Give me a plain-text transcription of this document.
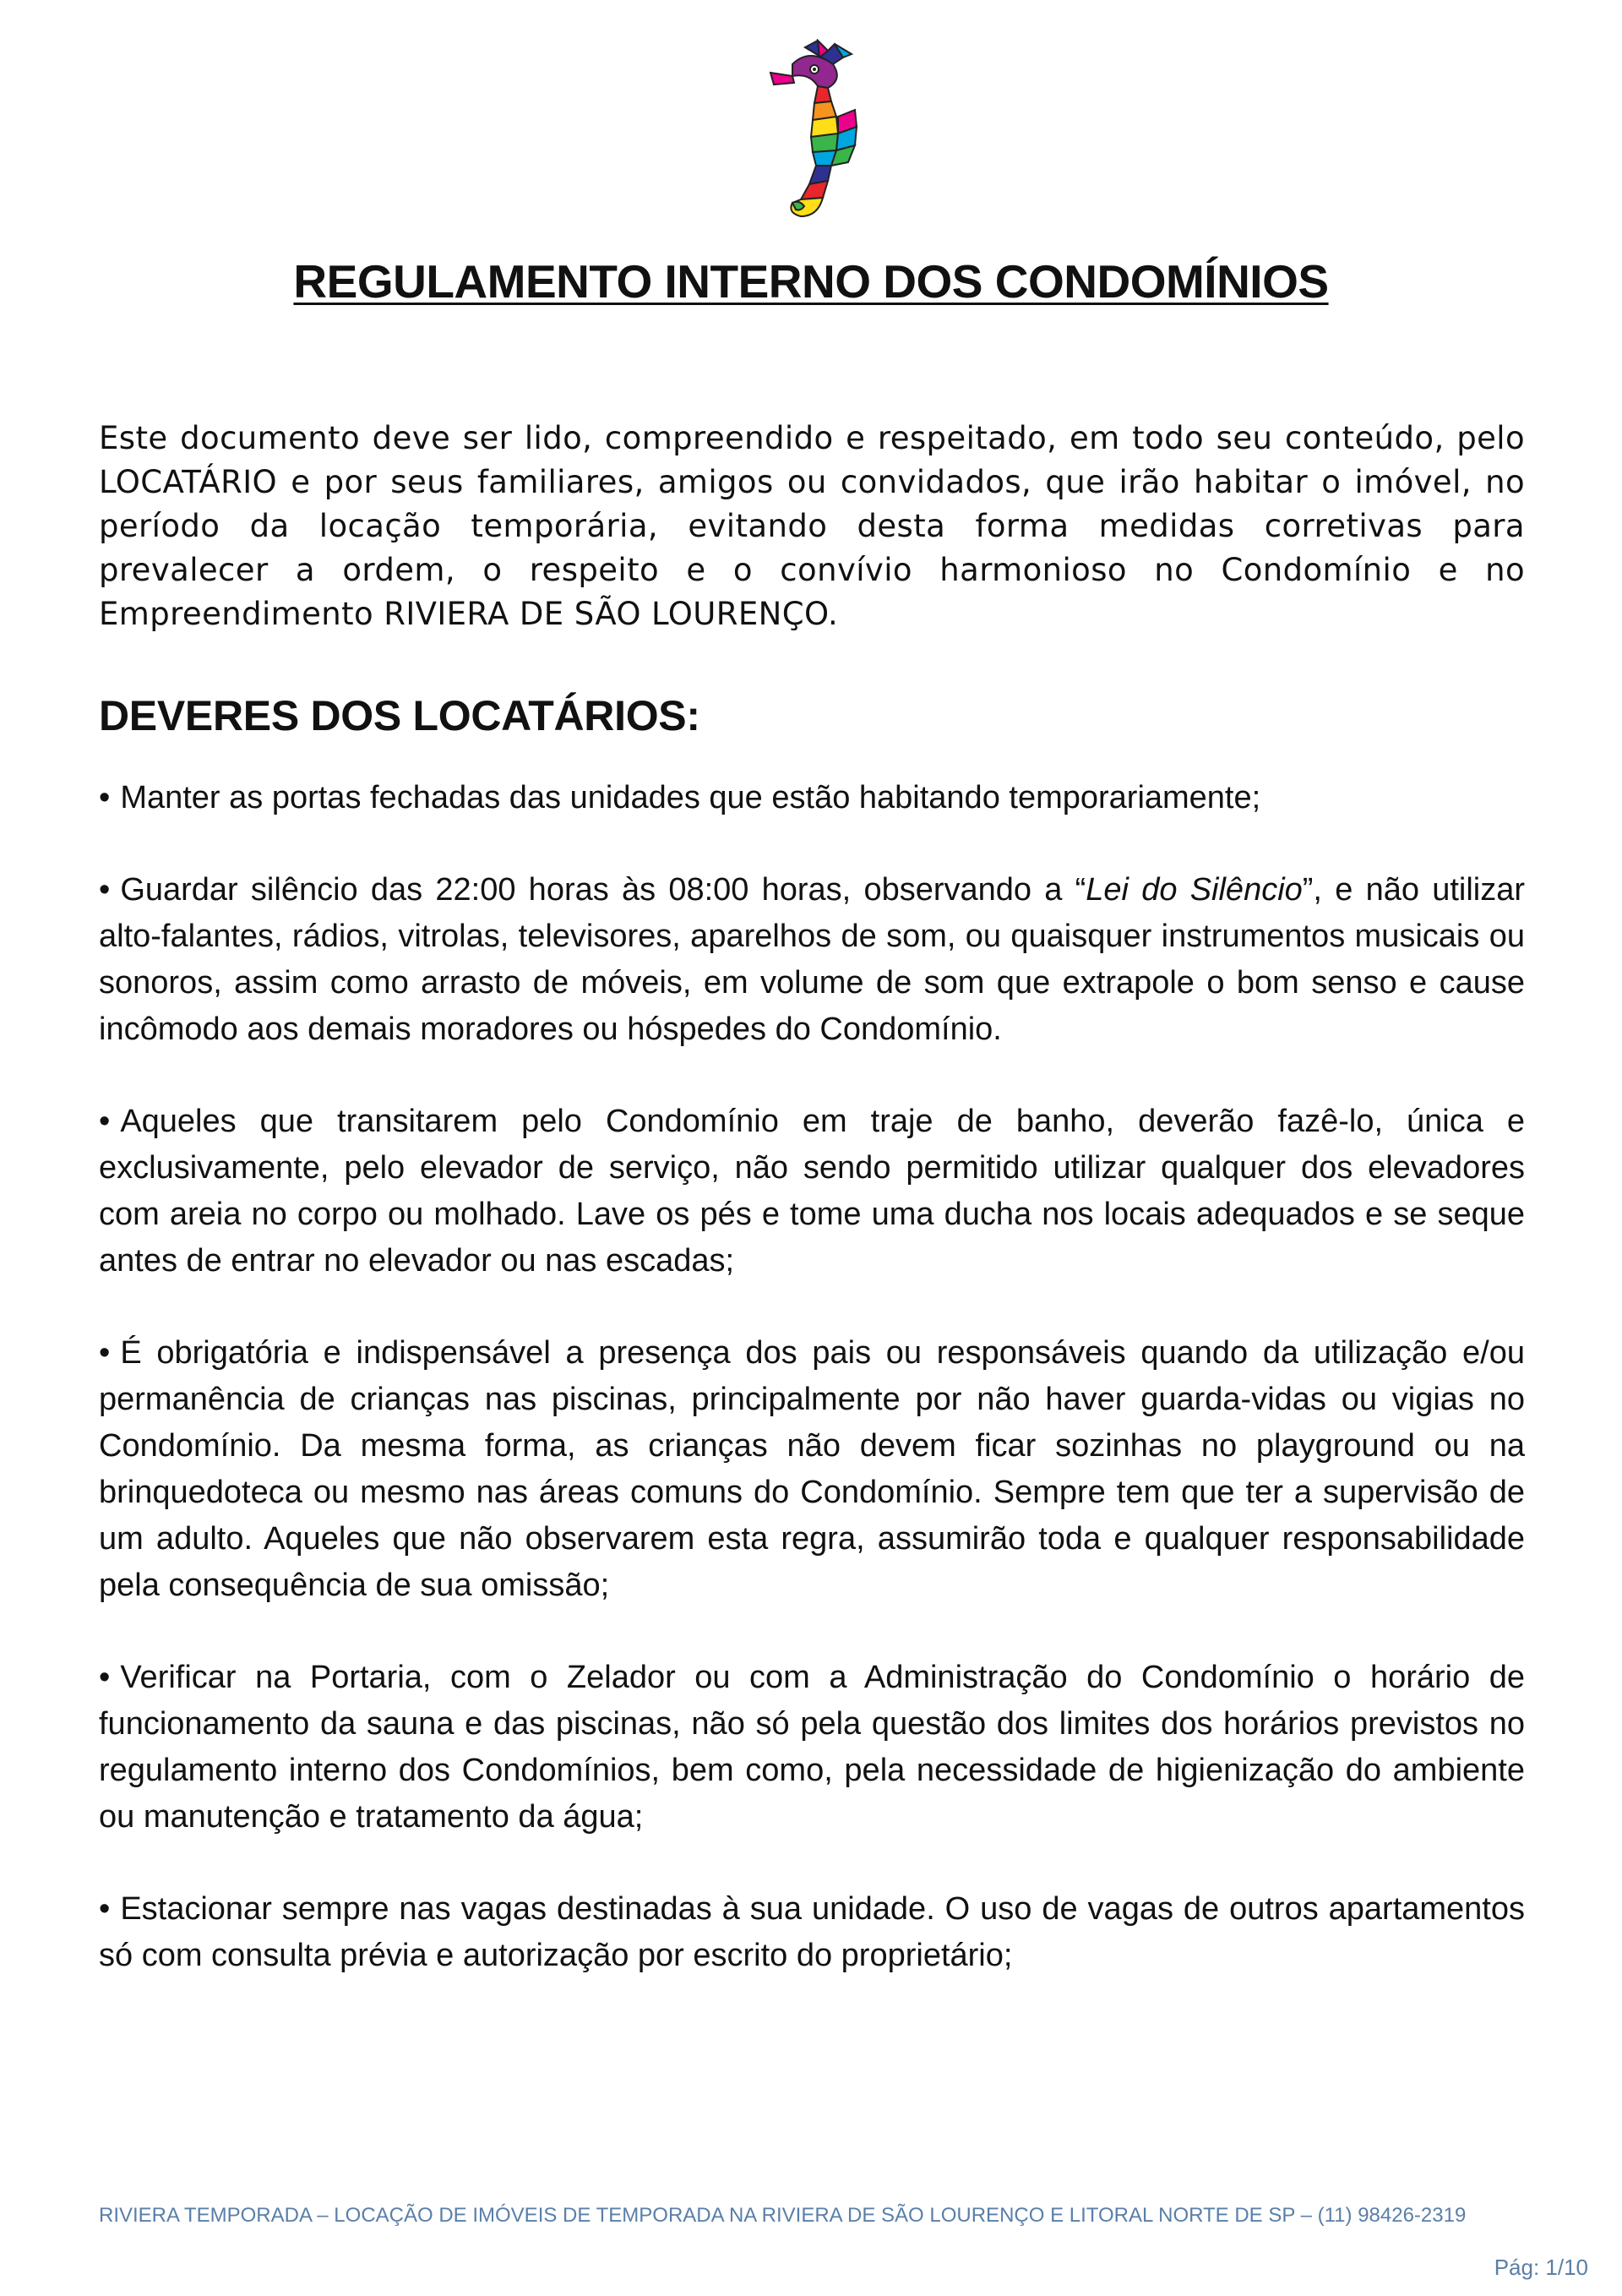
REGULAMENTO INTERNO DOS CONDOMÍNIOS

Este documento deve ser lido, compreendido e respeitado, em todo seu conteúdo, pelo LOCATÁRIO e por seus familiares, amigos ou convidados, que irão habitar o imóvel, no período da locação temporária, evitando desta forma medidas corretivas para prevalecer a ordem, o respeito e o convívio harmonioso no Condomínio e no Empreendimento RIVIERA DE SÃO LOURENÇO.

DEVERES DOS LOCATÁRIOS:
• Manter as portas fechadas das unidades que estão habitando temporariamente;
• Guardar silêncio das 22:00 horas às 08:00 horas, observando a “Lei do Silêncio”, e não utilizar alto-falantes, rádios, vitrolas, televisores, aparelhos de som, ou quaisquer instrumentos musicais ou sonoros, assim como arrasto de móveis, em volume de som que extrapole o bom senso e cause incômodo aos demais moradores ou hóspedes do Condomínio.
• Aqueles que transitarem pelo Condomínio em traje de banho, deverão fazê-lo, única e exclusivamente, pelo elevador de serviço, não sendo permitido utilizar qualquer dos elevadores com areia no corpo ou molhado. Lave os pés e tome uma ducha nos locais adequados e se seque antes de entrar no elevador ou nas escadas;
• É obrigatória e indispensável a presença dos pais ou responsáveis quando da utilização e/ou permanência de crianças nas piscinas, principalmente por não haver guarda-vidas ou vigias no Condomínio. Da mesma forma, as crianças não devem ficar sozinhas no playground ou na brinquedoteca ou mesmo nas áreas comuns do Condomínio. Sempre tem que ter a supervisão de um adulto. Aqueles que não observarem esta regra, assumirão toda e qualquer responsabilidade pela consequência de sua omissão;
• Verificar na Portaria, com o Zelador ou com a Administração do Condomínio o horário de funcionamento da sauna e das piscinas, não só pela questão dos limites dos horários previstos no regulamento interno dos Condomínios, bem como, pela necessidade de higienização do ambiente ou manutenção e tratamento da água;
• Estacionar sempre nas vagas destinadas à sua unidade. O uso de vagas de outros apartamentos só com consulta prévia e autorização por escrito do proprietário;
RIVIERA TEMPORADA – LOCAÇÃO DE IMÓVEIS DE TEMPORADA NA RIVIERA DE SÃO LOURENÇO E LITORAL NORTE DE SP – (11) 98426-2319
Pág: 1/10
